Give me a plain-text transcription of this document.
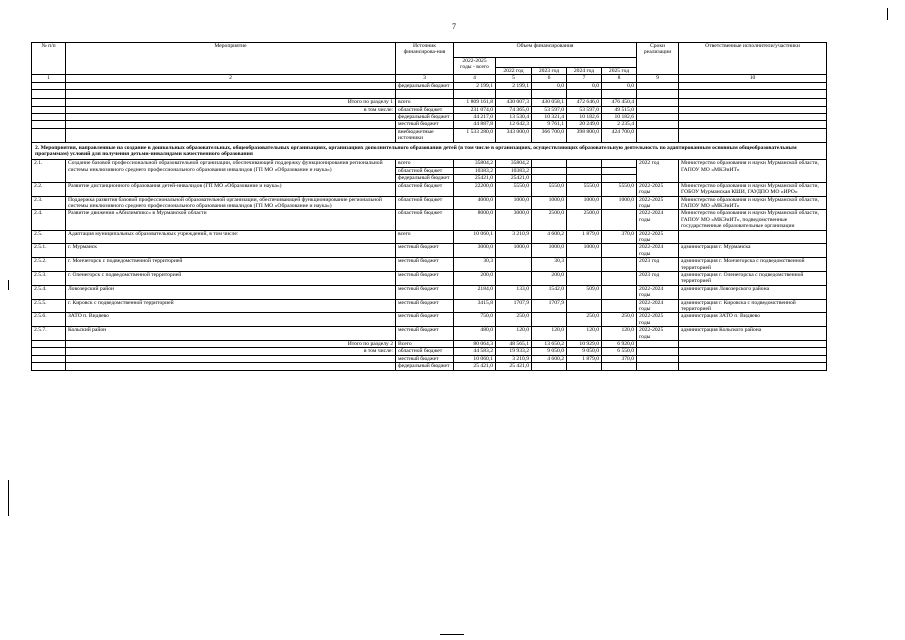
7
№ п/п	Мероприятие	Источник финансирова-ния	Объем финансирования					Сроки реализации	Ответственные исполнители/участники
			2022-2025 годы - всего						
				2022 год	2023 год	2024 год	2025 год		
1	2	3	4	5	6	7	8	9	10
		федеральный бюджет	2 199,1	2 199,1	0,0	0,0	0,0		

	Итого по разделу 1	всего	1 809 161,8	430 007,3	430 058,1	472 646,0	476 450,4		
	в том числе:	областной бюджет	231 074,0	74 365,0	53 597,0	53 597,0	49 515,0		
		федеральный бюджет	44 217,0	13 530,4	10 321,4	10 182,6	10 182,6		
		местный бюджет	44 887,8	12 642,3	9 761,1	20 249,0	2 235,4		
		внебюджетные источники	1 533 280,0	343 000,0	366 700,0	398 800,0	424 700,0		
2. Мероприятия, направленные на создание в дошкольных образовательных, общеобразовательных организациях, организациях дополнительного образования детей (в том числе в организациях, осуществляющих образовательную деятельность по адаптированным основным общеобразовательным программам) условий для получения детьми-инвалидами качественного образования									
2.1.	Создание базовой профессиональной образовательной организации, обеспечивающей поддержку функционирования региональной системы инклюзивного среднего профессионального образования инвалидов (ГП МО «Образование и наука»)	всего	35804,2	35804,2				2022 год	Министерство образования и науки Мурманской области, ГАПОУ МО «МКЭиИТ»
		областной бюджет	10383,2	10383,2					
		федеральный бюджет	25421,0	25421,0					
2.2.	Развитие дистанционного образования детей-инвалидов (ГП МО «Образование и наука»)	областной бюджет	22200,0	5550,0	5550,0	5550,0	5550,0	2022-2025 годы	Министерство образования и науки Мурманской области, ГОБОУ Мурманская КШИ, ГАУДПО МО «ИРО»
2.3.	Поддержка развития базовой профессиональной образовательной организации, обеспечивающей функционирование региональной системы инклюзивного среднего профессионального образования инвалидов (ГП МО «Образование и наука»)	областной бюджет	4000,0	1000,0	1000,0	1000,0	1000,0	2022-2025 годы	Министерство образования и науки Мурманской области, ГАПОУ МО «МКЭиИТ»
2.4.	Развитие движения «Абилимпикс» в Мурманской области	областной бюджет	8000,0	3000,0	2500,0	2500,0		2022-2024 годы	Министерство образования и науки Мурманской области, ГАПОУ МО «МКЭиИТ», подведомственные государственные образовательные организации
2.5.	Адаптация муниципальных образовательных учреждений, в том числе:	всего	10 060,1	3 210,9	4 600,2	1 879,0	370,0	2022-2025 годы	
2.5.1.	г. Мурманск	местный бюджет	3000,0	1000,0	1000,0	1000,0		2022-2024 годы	администрация г. Мурманска
2.5.2.	г. Мончегорск с подведомственной территорией	местный бюджет	30,3		30,3			2023 год	администрация г. Мончегорска с подведомственной территорией
2.5.3.	г. Оленегорск с подведомственной территорией	местный бюджет	200,0		200,0			2023 год	администрация г. Оленегорска с подведомственной территорией
2.5.4.	Ловозерский район	местный бюджет	2184,0	133,0	1542,0	509,0		2022-2024 годы	администрация Ловозерского района
2.5.5.	г. Кировск с подведомственной территорией	местный бюджет	3415,8	1707,9	1707,9			2022-2024 годы	администрация г. Кировска с подведомственной территорией
2.5.6.	ЗАТО п. Видяево	местный бюджет	750,0	250,0		250,0	250,0	2022-2025 годы	администрация ЗАТО п. Видяево
2.5.7.	Кольский район	местный бюджет	480,0	120,0	120,0	120,0	120,0	2022-2025 годы	администрация Кольского района
	Итого по разделу 2	Всего	80 064,3	48 565,1	13 650,2	10 929,0	6 920,0		
	в том числе:	областной бюджет	44 583,2	19 933,2	9 050,0	9 050,0	6 550,0		
		местный бюджет	10 060,1	3 210,9	4 600,2	1 879,0	370,0		
		федеральный бюджет	25 421,0	25 421,0					
